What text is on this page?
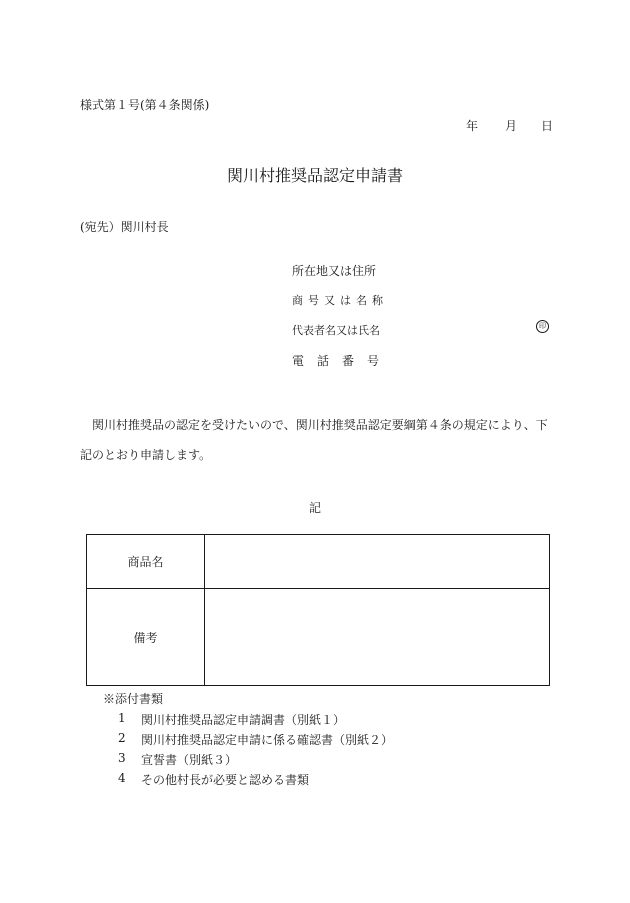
様式第１号(第４条関係)
年 月 日
関川村推奨品認定申請書
(宛先）関川村長
所在地又は住所
商号又は名称
代表者名又は氏名	印
電話番号
関川村推奨品の認定を受けたいので、関川村推奨品認定要綱第４条の規定により、下記のとおり申請します。
記
商品名	
備考	
※添付書類
1 関川村推奨品認定申請調書（別紙１）
2 関川村推奨品認定申請に係る確認書（別紙２）
3 宣誓書（別紙３）
4 その他村長が必要と認める書類
